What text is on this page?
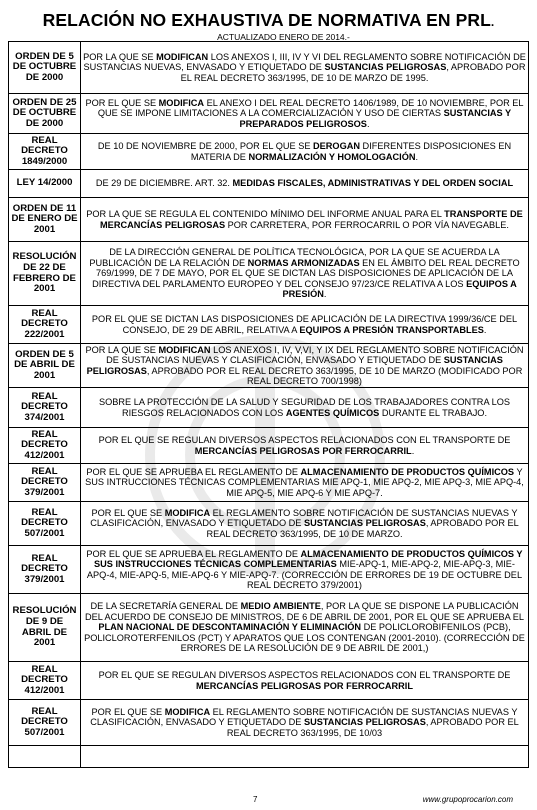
RELACIÓN NO EXHAUSTIVA DE NORMATIVA EN PRL.
ACTUALIZADO ENERO DE 2014.-
ORDEN DE 5 DE OCTUBRE DE 2000	POR LA QUE SE MODIFICAN LOS ANEXOS I, III, IV Y VI DEL REGLAMENTO SOBRE NOTIFICACIÓN DE SUSTANCIAS NUEVAS, ENVASADO Y ETIQUETADO DE SUSTANCIAS PELIGROSAS, APROBADO POR EL REAL DECRETO 363/1995, DE 10 DE MARZO DE 1995.
ORDEN DE 25 DE OCTUBRE DE 2000	POR EL QUE SE MODIFICA EL ANEXO I DEL REAL DECRETO 1406/1989, DE 10 NOVIEMBRE, POR EL QUE SE IMPONE LIMITACIONES A LA COMERCIALIZACIÓN Y USO DE CIERTAS SUSTANCIAS Y PREPARADOS PELIGROSOS.
REAL DECRETO 1849/2000	DE 10 DE NOVIEMBRE DE 2000, POR EL QUE SE DEROGAN DIFERENTES DISPOSICIONES EN MATERIA DE NORMALIZACIÓN Y HOMOLOGACIÓN.
LEY 14/2000	DE 29 DE DICIEMBRE. ART. 32. MEDIDAS FISCALES, ADMINISTRATIVAS Y DEL ORDEN SOCIAL
ORDEN DE 11 DE ENERO DE 2001	POR LA QUE SE REGULA EL CONTENIDO MÍNIMO DEL INFORME ANUAL PARA EL TRANSPORTE DE MERCANCÍAS PELIGROSAS POR CARRETERA, POR FERROCARRIL O POR VÍA NAVEGABLE.
RESOLUCIÓN DE 22 DE FEBRERO DE 2001	DE LA DIRECCIÓN GENERAL DE POLÍTICA TECNOLÓGICA, POR LA QUE SE ACUERDA LA PUBLICACIÓN DE LA RELACIÓN DE NORMAS ARMONIZADAS EN EL ÁMBITO DEL REAL DECRETO 769/1999, DE 7 DE MAYO, POR EL QUE SE DICTAN LAS DISPOSICIONES DE APLICACIÓN DE LA DIRECTIVA DEL PARLAMENTO EUROPEO Y DEL CONSEJO 97/23/CE RELATIVA A LOS EQUIPOS A PRESIÓN.
REAL DECRETO 222/2001	POR EL QUE SE DICTAN LAS DISPOSICIONES DE APLICACIÓN DE LA DIRECTIVA 1999/36/CE DEL CONSEJO, DE 29 DE ABRIL, RELATIVA A EQUIPOS A PRESIÓN TRANSPORTABLES.
ORDEN DE 5 DE ABRIL DE 2001	POR LA QUE SE MODIFICAN LOS ANEXOS I, IV, V,VI, Y IX DEL REGLAMENTO SOBRE NOTIFICACIÓN DE SUSTANCIAS NUEVAS Y CLASIFICACIÓN, ENVASADO Y ETIQUETADO DE SUSTANCIAS PELIGROSAS, APROBADO POR EL REAL DECRETO 363/1995, DE 10 DE MARZO (MODIFICADO POR REAL DECRETO 700/1998)
REAL DECRETO 374/2001	SOBRE LA PROTECCIÓN DE LA SALUD Y SEGURIDAD DE LOS TRABAJADORES CONTRA LOS RIESGOS RELACIONADOS CON LOS AGENTES QUÍMICOS DURANTE EL TRABAJO.
REAL DECRETO 412/2001	POR EL QUE SE REGULAN DIVERSOS ASPECTOS RELACIONADOS CON EL TRANSPORTE DE MERCANCÍAS PELIGROSAS POR FERROCARRIL.
REAL DECRETO 379/2001	POR EL QUE SE APRUEBA EL REGLAMENTO DE ALMACENAMIENTO DE PRODUCTOS QUÍMICOS Y SUS INTRUCCIONES TÉCNICAS COMPLEMENTARIAS MIE APQ-1, MIE APQ-2, MIE APQ-3, MIE APQ-4, MIE APQ-5, MIE APQ-6 Y MIE APQ-7.
REAL DECRETO 507/2001	POR EL QUE SE MODIFICA EL REGLAMENTO SOBRE NOTIFICACIÓN DE SUSTANCIAS NUEVAS Y CLASIFICACIÓN, ENVASADO Y ETIQUETADO DE SUSTANCIAS PELIGROSAS, APROBADO POR EL REAL DECRETO 363/1995, DE 10 DE MARZO.
REAL DECRETO 379/2001	POR EL QUE SE APRUEBA EL REGLAMENTO DE ALMACENAMIENTO DE PRODUCTOS QUÍMICOS Y SUS INSTRUCCIONES TÉCNICAS COMPLEMENTARIAS MIE-APQ-1, MIE-APQ-2, MIE-APQ-3, MIE-APQ-4, MIE-APQ-5, MIE-APQ-6 Y MIE-APQ-7. (CORRECCIÓN DE ERRORES DE 19 DE OCTUBRE DEL REAL DECRETO 379/2001)
RESOLUCIÓN DE 9 DE ABRIL DE 2001	DE LA SECRETARÍA GENERAL DE MEDIO AMBIENTE, POR LA QUE SE DISPONE LA PUBLICACIÓN DEL ACUERDO DE CONSEJO DE MINISTROS, DE 6 DE ABRIL DE 2001, POR EL QUE SE APRUEBA EL PLAN NACIONAL DE DESCONTAMINACIÓN Y ELIMINACIÓN DE POLICLOROBIFENILOS (PCB), POLICLOROTERFENILOS (PCT) Y APARATOS QUE LOS CONTENGAN (2001-2010). (CORRECCIÓN DE ERRORES DE LA RESOLUCIÓN DE 9 DE ABRIL DE 2001,)
REAL DECRETO 412/2001	POR EL QUE SE REGULAN DIVERSOS ASPECTOS RELACIONADOS CON EL TRANSPORTE DE MERCANCÍAS PELIGROSAS POR FERROCARRIL
REAL DECRETO 507/2001	POR EL QUE SE MODIFICA EL REGLAMENTO SOBRE NOTIFICACIÓN DE SUSTANCIAS NUEVAS Y CLASIFICACIÓN, ENVASADO Y ETIQUETADO DE SUSTANCIAS PELIGROSAS, APROBADO POR EL REAL DECRETO 363/1995, DE 10/03

7	www.grupoprocarion.com
